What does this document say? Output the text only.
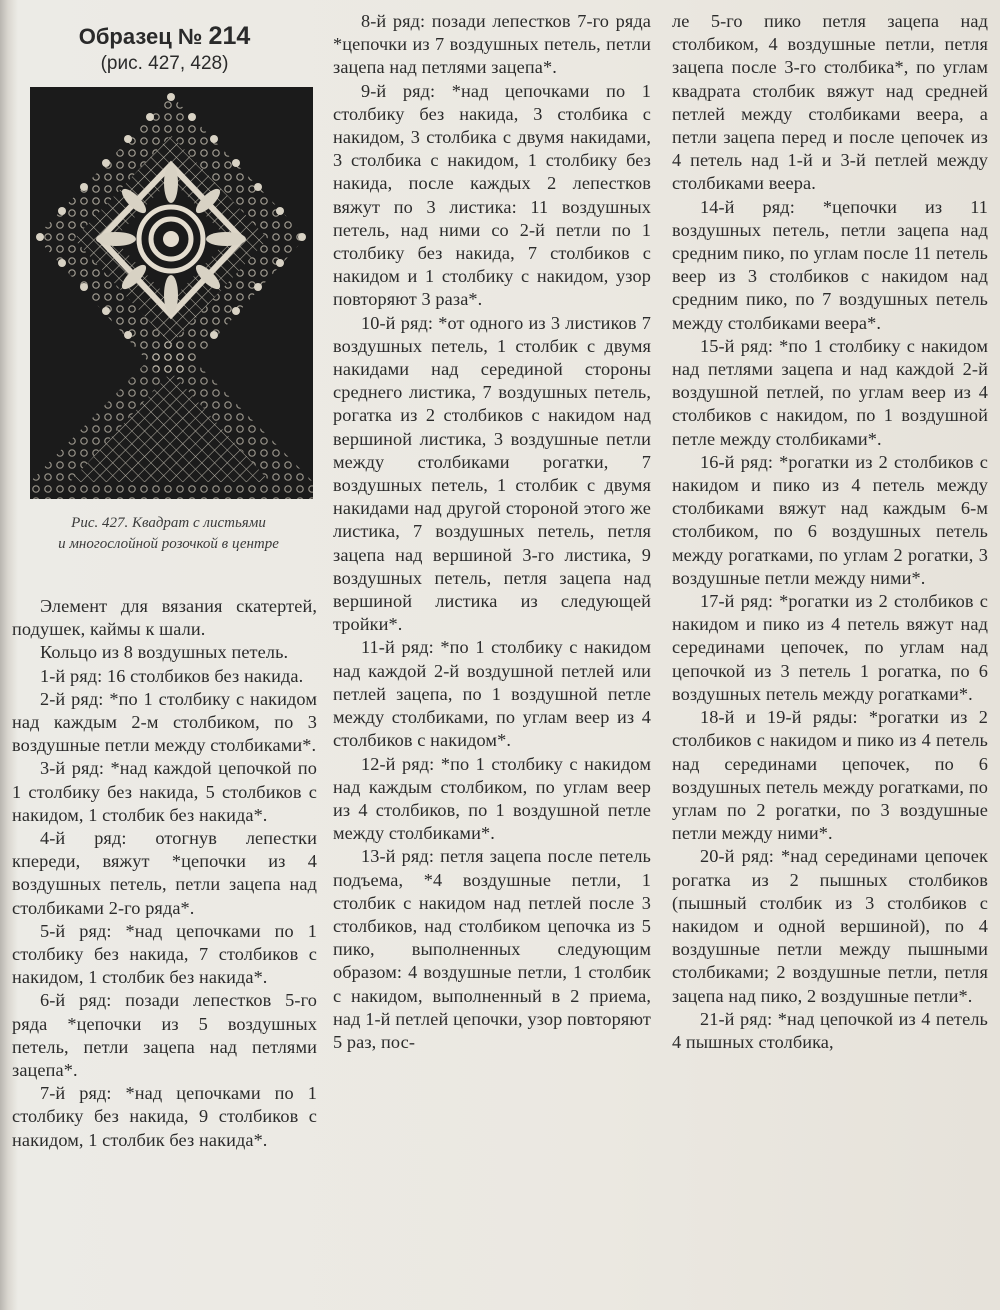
Образец № 214
(рис. 427, 428)
Рис. 427. Квадрат с листьями
и многослойной розочкой в центре

Элемент для вязания скатертей, подушек, каймы к шали.

Кольцо из 8 воздушных петель.

1-й ряд: 16 столбиков без накида.

2-й ряд: *по 1 столбику с накидом над каждым 2-м столбиком, по 3 воздушные петли между столбиками*.

3-й ряд: *над каждой цепочкой по 1 столбику без накида, 5 столбиков с накидом, 1 столбик без накида*.

4-й ряд: отогнув лепестки кпереди, вяжут *цепочки из 4 воздушных петель, петли зацепа над столбиками 2-го ряда*.

5-й ряд: *над цепочками по 1 столбику без накида, 7 столбиков с накидом, 1 столбик без накида*.

6-й ряд: позади лепестков 5-го ряда *цепочки из 5 воздушных петель, петли зацепа над петлями зацепа*.

7-й ряд: *над цепочками по 1 столбику без накида, 9 столбиков с накидом, 1 столбик без накида*.

8-й ряд: позади лепестков 7-го ряда *цепочки из 7 воздушных петель, петли зацепа над петлями зацепа*.

9-й ряд: *над цепочками по 1 столбику без накида, 3 столбика с накидом, 3 столбика с двумя накидами, 3 столбика с накидом, 1 столбику без накида, после каждых 2 лепестков вяжут по 3 листика: 11 воздушных петель, над ними со 2-й петли по 1 столбику без накида, 7 столбиков с накидом и 1 столбику с накидом, узор повторяют 3 раза*.

10-й ряд: *от одного из 3 листиков 7 воздушных петель, 1 столбик с двумя накидами над серединой стороны среднего листика, 7 воздушных петель, рогатка из 2 столбиков с накидом над вершиной листика, 3 воздушные петли между столбиками рогатки, 7 воздушных петель, 1 столбик с двумя накидами над другой стороной этого же листика, 7 воздушных петель, петля зацепа над вершиной 3-го листика, 9 воздушных петель, петля зацепа над вершиной листика из следующей тройки*.

11-й ряд: *по 1 столбику с накидом над каждой 2-й воздушной петлей или петлей зацепа, по 1 воздушной петле между столбиками, по углам веер из 4 столбиков с накидом*.

12-й ряд: *по 1 столбику с накидом над каждым столбиком, по углам веер из 4 столбиков, по 1 воздушной петле между столбиками*.

13-й ряд: петля зацепа после петель подъема, *4 воздушные петли, 1 столбик с накидом над петлей после 3 столбиков, над столбиком цепочка из 5 пико, выполненных следующим образом: 4 воздушные петли, 1 столбик с накидом, выполненный в 2 приема, над 1-й петлей цепочки, узор повторяют 5 раз, пос-

ле 5-го пико петля зацепа над столбиком, 4 воздушные петли, петля зацепа после 3-го столбика*, по углам квадрата столбик вяжут над средней петлей между столбиками веера, а петли зацепа перед и после цепочек из 4 петель над 1-й и 3-й петлей между столбиками веера.

14-й ряд: *цепочки из 11 воздушных петель, петли зацепа над средним пико, по углам после 11 петель веер из 3 столбиков с накидом над средним пико, по 7 воздушных петель между столбиками веера*.

15-й ряд: *по 1 столбику с накидом над петлями зацепа и над каждой 2-й воздушной петлей, по углам веер из 4 столбиков с накидом, по 1 воздушной петле между столбиками*.

16-й ряд: *рогатки из 2 столбиков с накидом и пико из 4 петель между столбиками вяжут над каждым 6-м столбиком, по 6 воздушных петель между рогатками, по углам 2 рогатки, 3 воздушные петли между ними*.

17-й ряд: *рогатки из 2 столбиков с накидом и пико из 4 петель вяжут над серединами цепочек, по углам над цепочкой из 3 петель 1 рогатка, по 6 воздушных петель между рогатками*.

18-й и 19-й ряды: *рогатки из 2 столбиков с накидом и пико из 4 петель над серединами цепочек, по 6 воздушных петель между рогатками, по углам по 2 рогатки, по 3 воздушные петли между ними*.

20-й ряд: *над серединами цепочек рогатка из 2 пышных столбиков (пышный столбик из 3 столбиков с накидом и одной вершиной), по 4 воздушные петли между пышными столбиками; 2 воздушные петли, петля зацепа над пико, 2 воздушные петли*.

21-й ряд: *над цепочкой из 4 петель 4 пышных столбика,
